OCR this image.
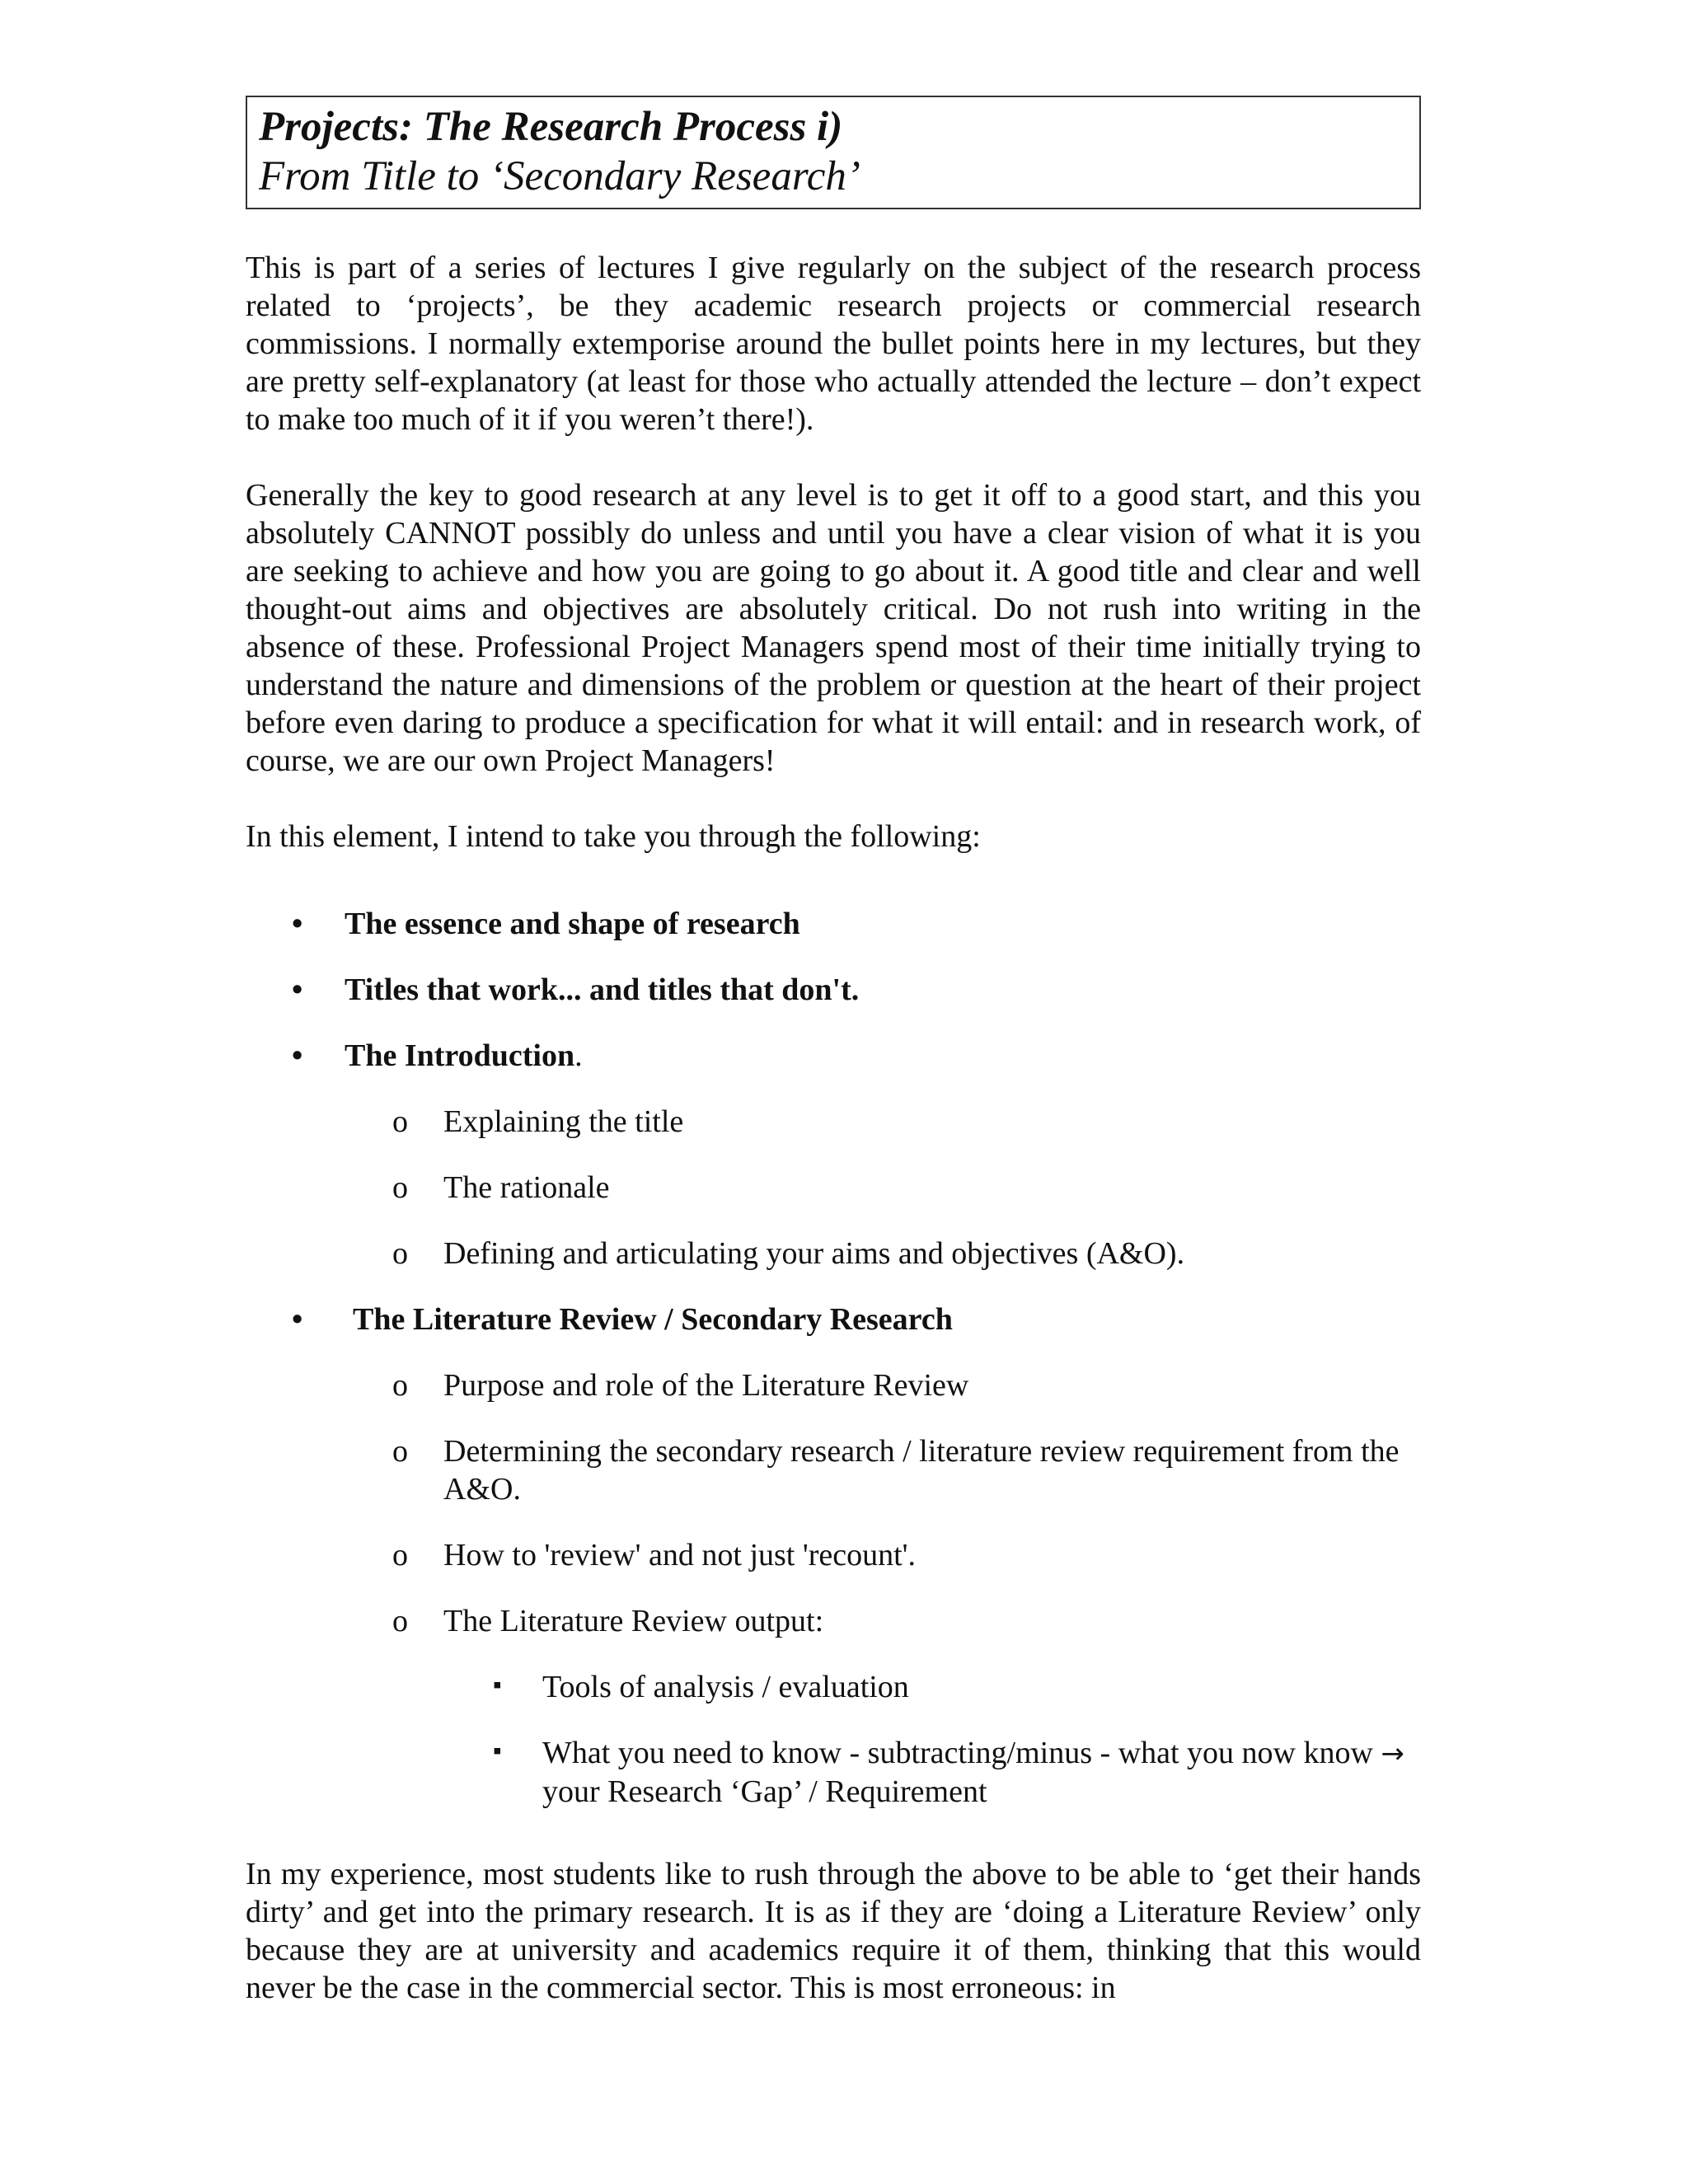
Projects: The Research Process i)
From Title to ‘Secondary Research’

This is part of a series of lectures I give regularly on the subject of the research process related to ‘projects’, be they academic research projects or commercial research commissions. I normally extemporise around the bullet points here in my lectures, but they are pretty self-explanatory (at least for those who actually attended the lecture – don’t expect to make too much of it if you weren’t there!).

Generally the key to good research at any level is to get it off to a good start, and this you absolutely CANNOT possibly do unless and until you have a clear vision of what it is you are seeking to achieve and how you are going to go about it. A good title and clear and well thought-out aims and objectives are absolutely critical. Do not rush into writing in the absence of these. Professional Project Managers spend most of their time initially trying to understand the nature and dimensions of the problem or question at the heart of their project before even daring to produce a specification for what it will entail: and in research work, of course, we are our own Project Managers!

In this element, I intend to take you through the following:

• The essence and shape of research
• Titles that work... and titles that don't.
• The Introduction.
o Explaining the title
o The rationale
o Defining and articulating your aims and objectives (A&O).
• The Literature Review / Secondary Research
o Purpose and role of the Literature Review
o Determining the secondary research / literature review requirement from the A&O.
o How to 'review' and not just 'recount'.
o The Literature Review output:
▪ Tools of analysis / evaluation
▪ What you need to know - subtracting/minus - what you now know → your Research ‘Gap’ / Requirement

In my experience, most students like to rush through the above to be able to ‘get their hands dirty’ and get into the primary research. It is as if they are ‘doing a Literature Review’ only because they are at university and academics require it of them, thinking that this would never be the case in the commercial sector. This is most erroneous: in
